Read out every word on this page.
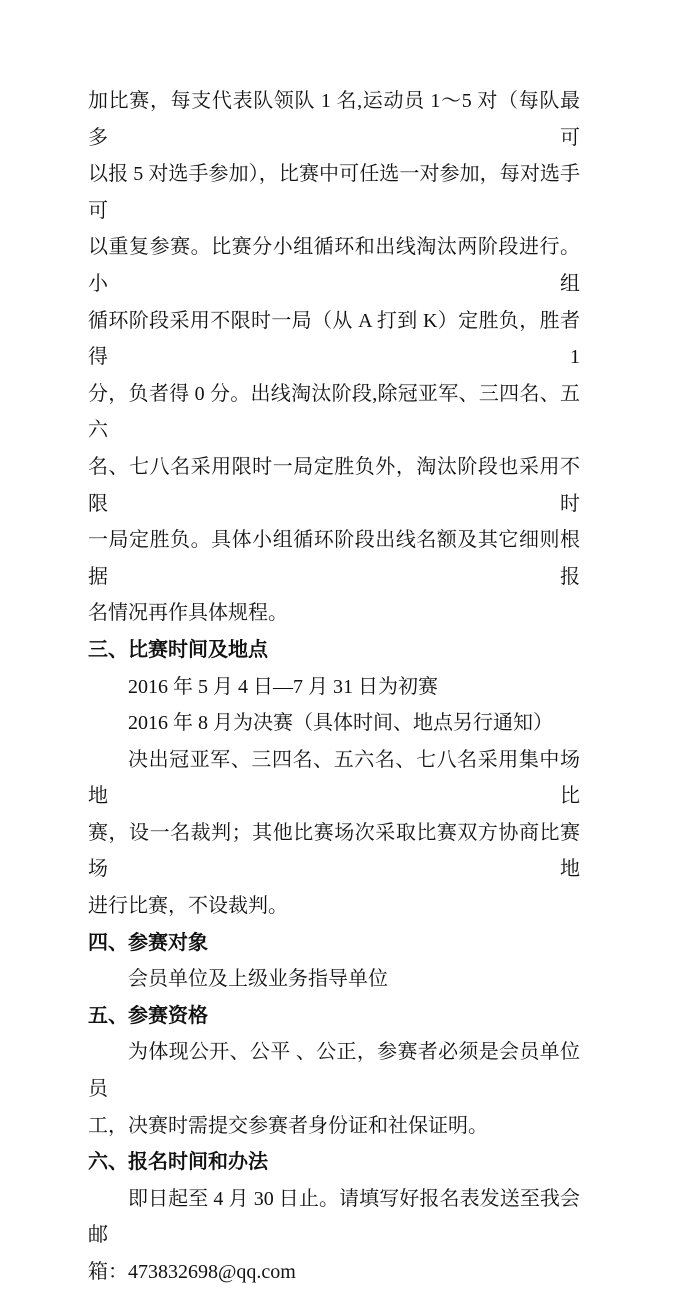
加比赛，每支代表队领队 1 名,运动员 1～5 对（每队最多可
以报 5 对选手参加），比赛中可任选一对参加，每对选手可
以重复参赛。比赛分小组循环和出线淘汰两阶段进行。小组
循环阶段采用不限时一局（从 A 打到 K）定胜负，胜者得 1
分，负者得 0 分。出线淘汰阶段,除冠亚军、三四名、五六
名、七八名采用限时一局定胜负外，淘汰阶段也采用不限时
一局定胜负。具体小组循环阶段出线名额及其它细则根据报
名情况再作具体规程。
三、比赛时间及地点
2016 年 5 月 4 日—7 月 31 日为初赛
2016 年 8 月为决赛（具体时间、地点另行通知）
决出冠亚军、三四名、五六名、七八名采用集中场地比
赛，设一名裁判；其他比赛场次采取比赛双方协商比赛场地
进行比赛，不设裁判。
四、参赛对象
会员单位及上级业务指导单位
五、参赛资格
为体现公开、公平 、公正，参赛者必须是会员单位员
工，决赛时需提交参赛者身份证和社保证明。
六、报名时间和办法
即日起至 4 月 30 日止。请填写好报名表发送至我会邮
箱：473832698@qq.com
